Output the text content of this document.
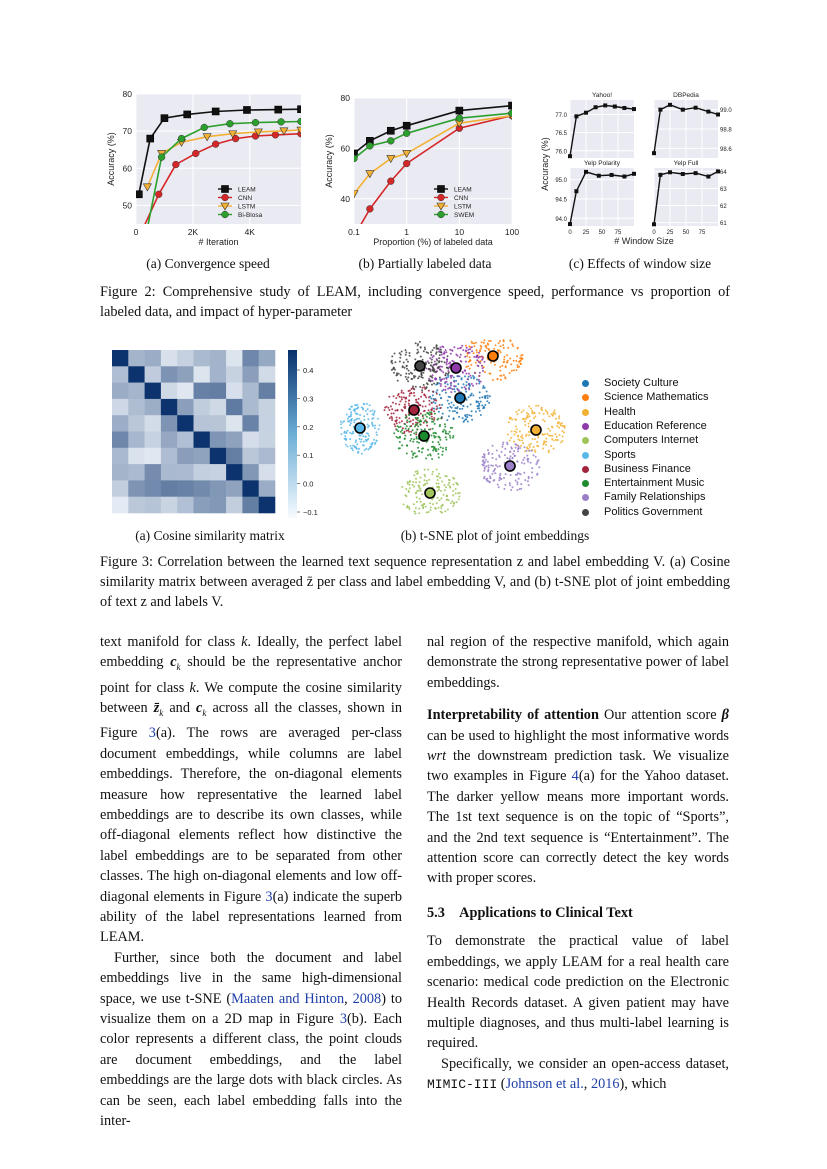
50
60
70
80
0	2K	4K
# Iteration
Accuracy (%)
LEAM
CNN
LSTM
Bi-Blosa
40
60
80
0.1	1	10	100
Proportion (%) of labeled data
Accuracy (%)
LEAM
CNN
LSTM
SWEM
Yahoo!
76.0
76.5
77.0
DBPedia
98.6
98.8
99.0
Yelp Polarity
94.0
94.5
95.0
0 25 50 75
Yelp Full
61
62
63
64
0 25 50 75
# Window Size
Accuracy (%)
(a) Convergence speed	(b) Partially labeled data	(c) Effects of window size
Figure 2: Comprehensive study of LEAM, including convergence speed, performance vs proportion of labeled data, and impact of hyper-parameter
0.4
0.3
0.2
0.1
0.0
−0.1
Society Culture
Science Mathematics
Health
Education Reference
Computers Internet
Sports
Business Finance
Entertainment Music
Family Relationships
Politics Government
(a) Cosine similarity matrix	(b) t-SNE plot of joint embeddings
Figure 3: Correlation between the learned text sequence representation z and label embedding V. (a) Cosine similarity matrix between averaged z̄ per class and label embedding V, and (b) t-SNE plot of joint embedding of text z and labels V.

text manifold for class k. Ideally, the perfect label embedding $c_k$ should be the representative anchor point for class k. We compute the cosine similarity between $z̄_k$ and $c_k$ across all the classes, shown in Figure 3(a). The rows are averaged per-class document embeddings, while columns are label embeddings. Therefore, the on-diagonal elements measure how representative the learned label embeddings are to describe its own classes, while off-diagonal elements reflect how distinctive the label embeddings are to be separated from other classes. The high on-diagonal elements and low off-diagonal elements in Figure 3(a) indicate the superb ability of the label representations learned from LEAM.

Further, since both the document and label embeddings live in the same high-dimensional space, we use t-SNE (Maaten and Hinton, 2008) to visualize them on a 2D map in Figure 3(b). Each color represents a different class, the point clouds are document embeddings, and the label embeddings are the large dots with black circles. As can be seen, each label embedding falls into the inter-

nal region of the respective manifold, which again demonstrate the strong representative power of label embeddings.

Interpretability of attention Our attention score β can be used to highlight the most informative words wrt the downstream prediction task. We visualize two examples in Figure 4(a) for the Yahoo dataset. The darker yellow means more important words. The 1st text sequence is on the topic of “Sports”, and the 2nd text sequence is “Entertainment”. The attention score can correctly detect the key words with proper scores.

5.3 Applications to Clinical Text

To demonstrate the practical value of label embeddings, we apply LEAM for a real health care scenario: medical code prediction on the Electronic Health Records dataset. A given patient may have multiple diagnoses, and thus multi-label learning is required.

Specifically, we consider an open-access dataset, MIMIC-III (Johnson et al., 2016), which
